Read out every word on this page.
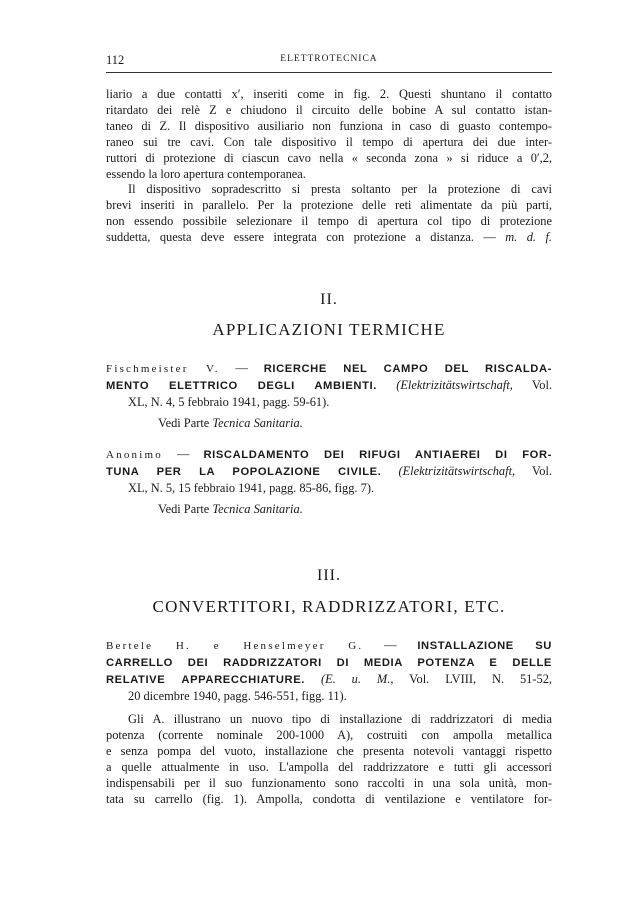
112	ELETTROTECNICA
liario a due contatti x′, inseriti come in fig. 2. Questi shuntano il contatto
ritardato dei relè Z e chiudono il circuito delle bobine A sul contatto istan-
taneo di Z. Il dispositivo ausiliario non funziona in caso di guasto contempo-
raneo sui tre cavi. Con tale dispositivo il tempo di apertura dei due inter-
ruttori di protezione di ciascun cavo nella « seconda zona » si riduce a 0′,2,
essendo la loro apertura contemporanea.
Il dispositivo sopradescritto si presta soltanto per la protezione di cavi
brevi inseriti in parallelo. Per la protezione delle reti alimentate da più parti,
non essendo possibile selezionare il tempo di apertura col tipo di protezione
suddetta, questa deve essere integrata con protezione a distanza. — m. d. f.
II.
APPLICAZIONI TERMICHE
Fischmeister V. — RICERCHE NEL CAMPO DEL RISCALDA-
MENTO ELETTRICO DEGLI AMBIENTI. (Elektrizitätswirtschaft, Vol.
XL, N. 4, 5 febbraio 1941, pagg. 59-61).
Vedi Parte Tecnica Sanitaria.
Anonimo — RISCALDAMENTO DEI RIFUGI ANTIAEREI DI FOR-
TUNA PER LA POPOLAZIONE CIVILE. (Elektrizitätswirtschaft, Vol.
XL, N. 5, 15 febbraio 1941, pagg. 85-86, figg. 7).
Vedi Parte Tecnica Sanitaria.
III.
CONVERTITORI, RADDRIZZATORI, ETC.
Bertele H. e Henselmeyer G. — INSTALLAZIONE SU
CARRELLO DEI RADDRIZZATORI DI MEDIA POTENZA E DELLE
RELATIVE APPARECCHIATURE. (E. u. M., Vol. LVIII, N. 51-52,
20 dicembre 1940, pagg. 546-551, figg. 11).
Gli A. illustrano un nuovo tipo di installazione di raddrizzatori di media
potenza (corrente nominale 200-1000 A), costruiti con ampolla metallica
e senza pompa del vuoto, installazione che presenta notevoli vantaggi rispetto
a quelle attualmente in uso. L'ampolla del raddrizzatore e tutti gli accessori
indispensabili per il suo funzionamento sono raccolti in una sola unità, mon-
tata su carrello (fig. 1). Ampolla, condotta di ventilazione e ventilatore for-
